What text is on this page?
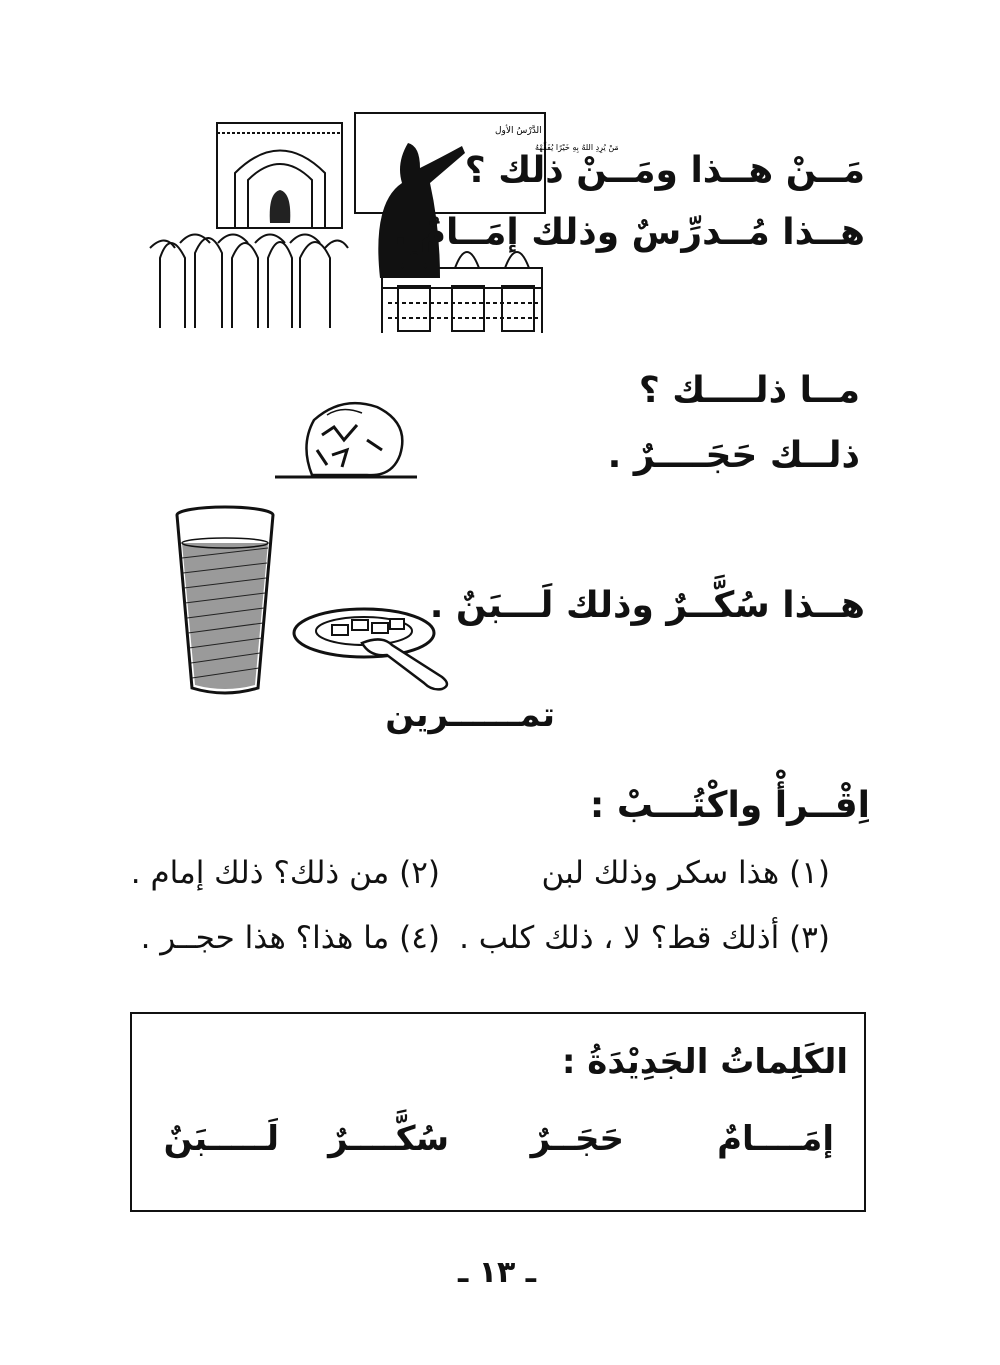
الدَّرْسُ الأول
مَنْ يُرِدِ اللهُ بِهِ خَيْرًا يُفَقِّهْهُ
مَــنْ هــذا ومَــنْ ذلك ؟
هــذا مُــدرِّسٌ وذلك إمَــامٌ .
مــا ذلــــك ؟
ذلــك حَجَــــرٌ .
هــذا سُكَّــرٌ وذلك لَـــبَنٌ .
تمــــــرين
اِقْــرأْ واكْتُـــبْ :
(١) هذا سكر وذلك لبن
(٢) من ذلك؟ ذلك إمام .
(٣) أذلك قط؟ لا ، ذلك كلب .
(٤) ما هذا؟ هذا حجــر .
الكَلِماتُ الجَدِيْدَةُ :
إمَــــامٌ
حَجَــرٌ
سُكَّــــرٌ
لَـــــبَنٌ
ـ ١٣ ـ
